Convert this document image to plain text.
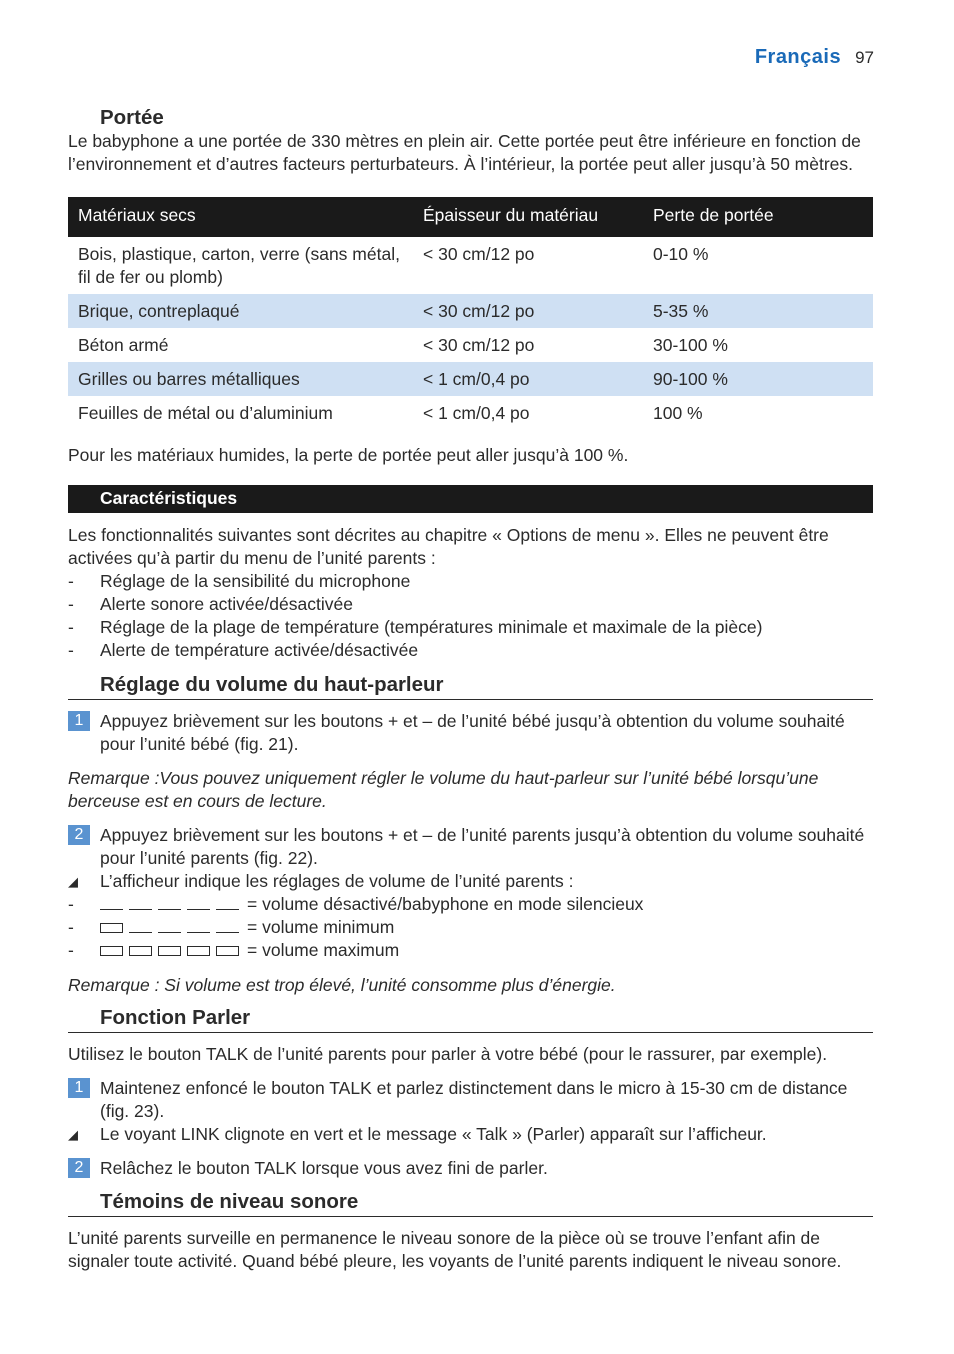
Français 97
Portée

Le babyphone a une portée de 330 mètres en plein air. Cette portée peut être inférieure en fonction de l’environnement et d’autres facteurs perturbateurs. À l’intérieur, la portée peut aller jusqu’à 50 mètres.

Matériaux secs	Épaisseur du matériau	Perte de portée
Bois, plastique, carton, verre (sans métal, fil de fer ou plomb)	< 30 cm/12 po	0-10 %
Brique, contreplaqué	< 30 cm/12 po	5-35 %
Béton armé	< 30 cm/12 po	30-100 %
Grilles ou barres métalliques	< 1 cm/0,4 po	90-100 %
Feuilles de métal ou d’aluminium	< 1 cm/0,4 po	100 %

Pour les matériaux humides, la perte de portée peut aller jusqu’à 100 %.

Caractéristiques

Les fonctionnalités suivantes sont décrites au chapitre « Options de menu ». Elles ne peuvent être activées qu’à partir du menu de l’unité parents :

- Réglage de la sensibilité du microphone
- Alerte sonore activée/désactivée
- Réglage de la plage de température (températures minimale et maximale de la pièce)
- Alerte de température activée/désactivée
Réglage du volume du haut-parleur
1 Appuyez brièvement sur les boutons + et – de l’unité bébé jusqu’à obtention du volume souhaité pour l’unité bébé (fig. 21).

Remarque :Vous pouvez uniquement régler le volume du haut-parleur sur l’unité bébé lorsqu’une berceuse est en cours de lecture.

2 Appuyez brièvement sur les boutons + et – de l’unité parents jusqu’à obtention du volume souhaité pour l’unité parents (fig. 22).
◢	L’afficheur indique les réglages de volume de l’unité parents :
-	= volume désactivé/babyphone en mode silencieux
-	= volume minimum
-	= volume maximum

Remarque : Si volume est trop élevé, l’unité consomme plus d’énergie.

Fonction Parler

Utilisez le bouton TALK de l’unité parents pour parler à votre bébé (pour le rassurer, par exemple).

1 Maintenez enfoncé le bouton TALK et parlez distinctement dans le micro à 15-30 cm de distance (fig. 23).
◢	Le voyant LINK clignote en vert et le message « Talk » (Parler) apparaît sur l’afficheur.
2 Relâchez le bouton TALK lorsque vous avez fini de parler.
Témoins de niveau sonore

L’unité parents surveille en permanence le niveau sonore de la pièce où se trouve l’enfant afin de signaler toute activité. Quand bébé pleure, les voyants de l’unité parents indiquent le niveau sonore.
